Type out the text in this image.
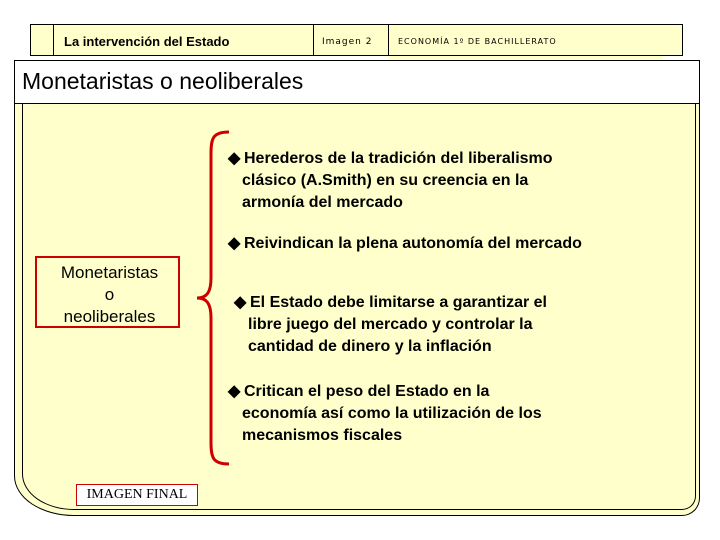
La intervención del Estado	Imagen 2	ECONOMÍA 1º DE BACHILLERATO
Monetaristas o neoliberales
Monetaristas
o
neoliberales
◆ Herederos de la tradición del liberalismo
clásico (A.Smith) en su creencia en la
armonía del mercado
◆ Reivindican la plena autonomía del mercado
◆ El Estado debe limitarse a garantizar el
libre juego del mercado y controlar la
cantidad de dinero y la inflación
◆ Critican el peso del Estado en la
economía así como la utilización de los
mecanismos fiscales
IMAGEN FINAL
